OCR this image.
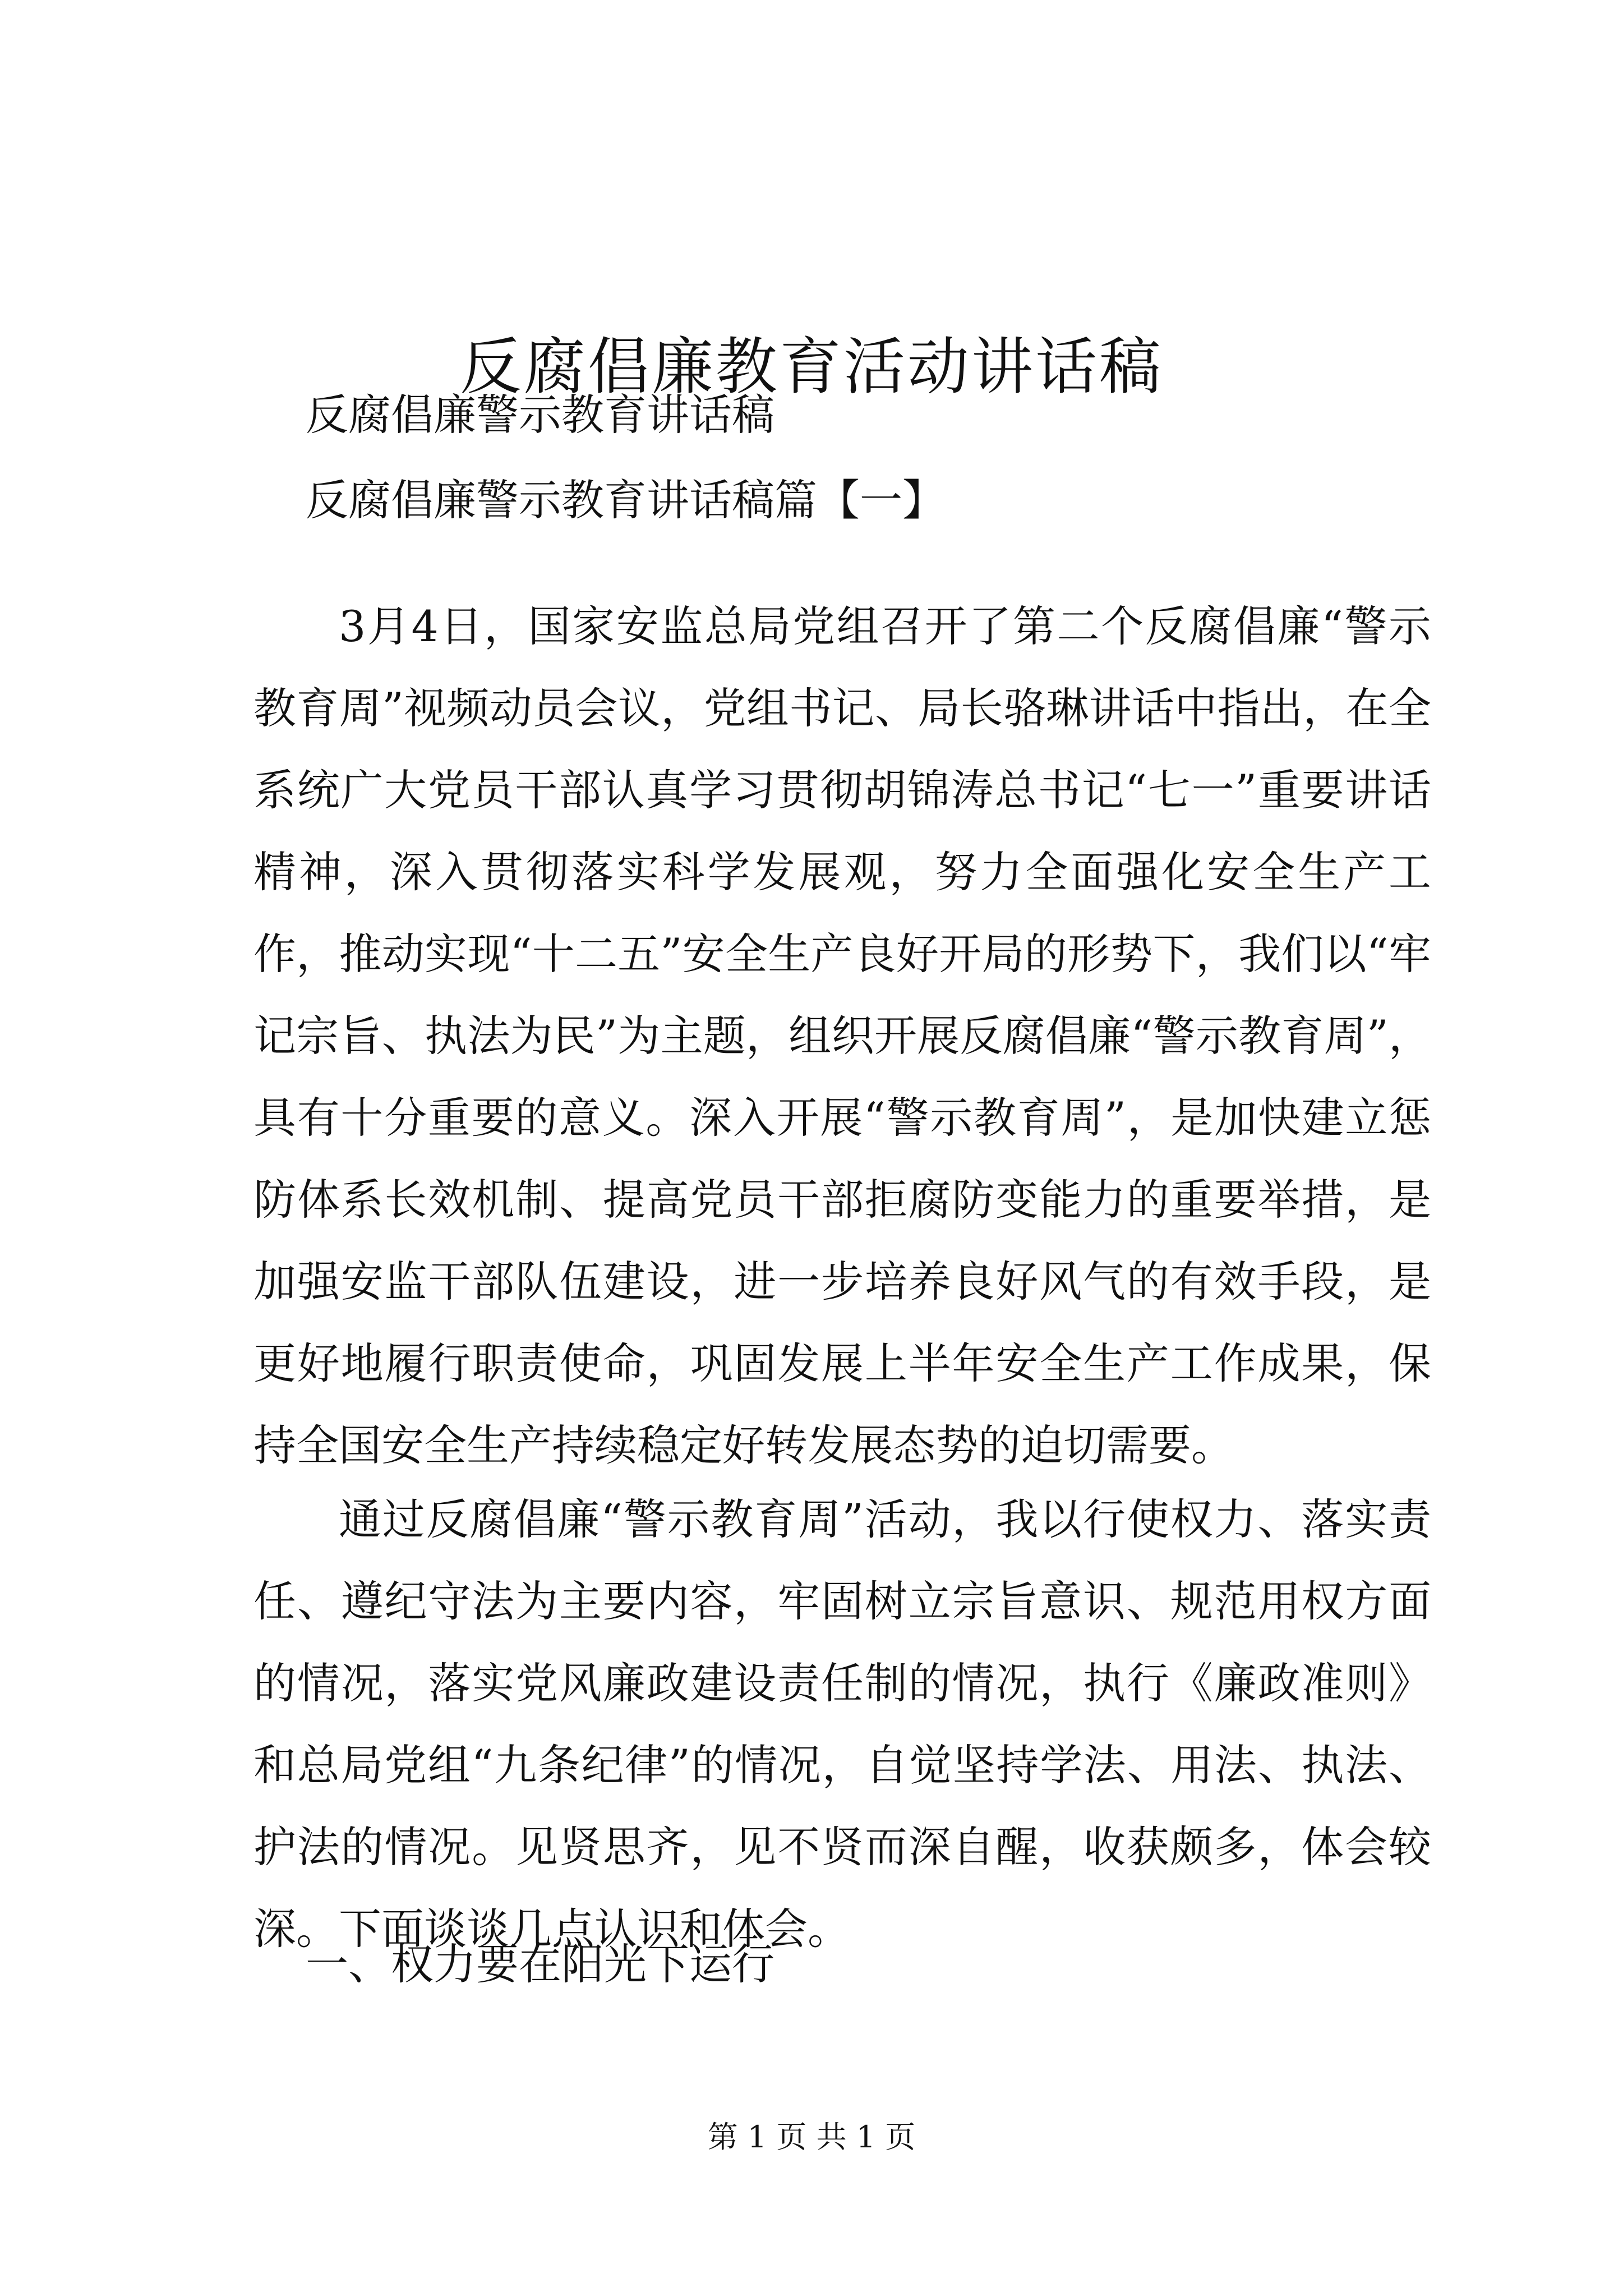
反腐倡廉教育活动讲话稿
反腐倡廉警示教育讲话稿
反腐倡廉警示教育讲话稿篇【一】

3月4日，国家安监总局党组召开了第二个反腐倡廉“警示教育周”视频动员会议，党组书记、局长骆琳讲话中指出，在全系统广大党员干部认真学习贯彻胡锦涛总书记“七一”重要讲话精神，深入贯彻落实科学发展观，努力全面强化安全生产工作，推动实现“十二五”安全生产良好开局的形势下，我们以“牢记宗旨、执法为民”为主题，组织开展反腐倡廉“警示教育周”，具有十分重要的意义。深入开展“警示教育周”，是加快建立惩防体系长效机制、提高党员干部拒腐防变能力的重要举措，是加强安监干部队伍建设，进一步培养良好风气的有效手段，是更好地履行职责使命，巩固发展上半年安全生产工作成果，保持全国安全生产持续稳定好转发展态势的迫切需要。

通过反腐倡廉“警示教育周”活动，我以行使权力、落实责任、遵纪守法为主要内容，牢固树立宗旨意识、规范用权方面的情况，落实党风廉政建设责任制的情况，执行《廉政准则》和总局党组“九条纪律”的情况，自觉坚持学法、用法、执法、护法的情况。见贤思齐，见不贤而深自醒，收获颇多，体会较深。下面谈谈几点认识和体会。

一、权力要在阳光下运行
第 1 页 共 1 页
